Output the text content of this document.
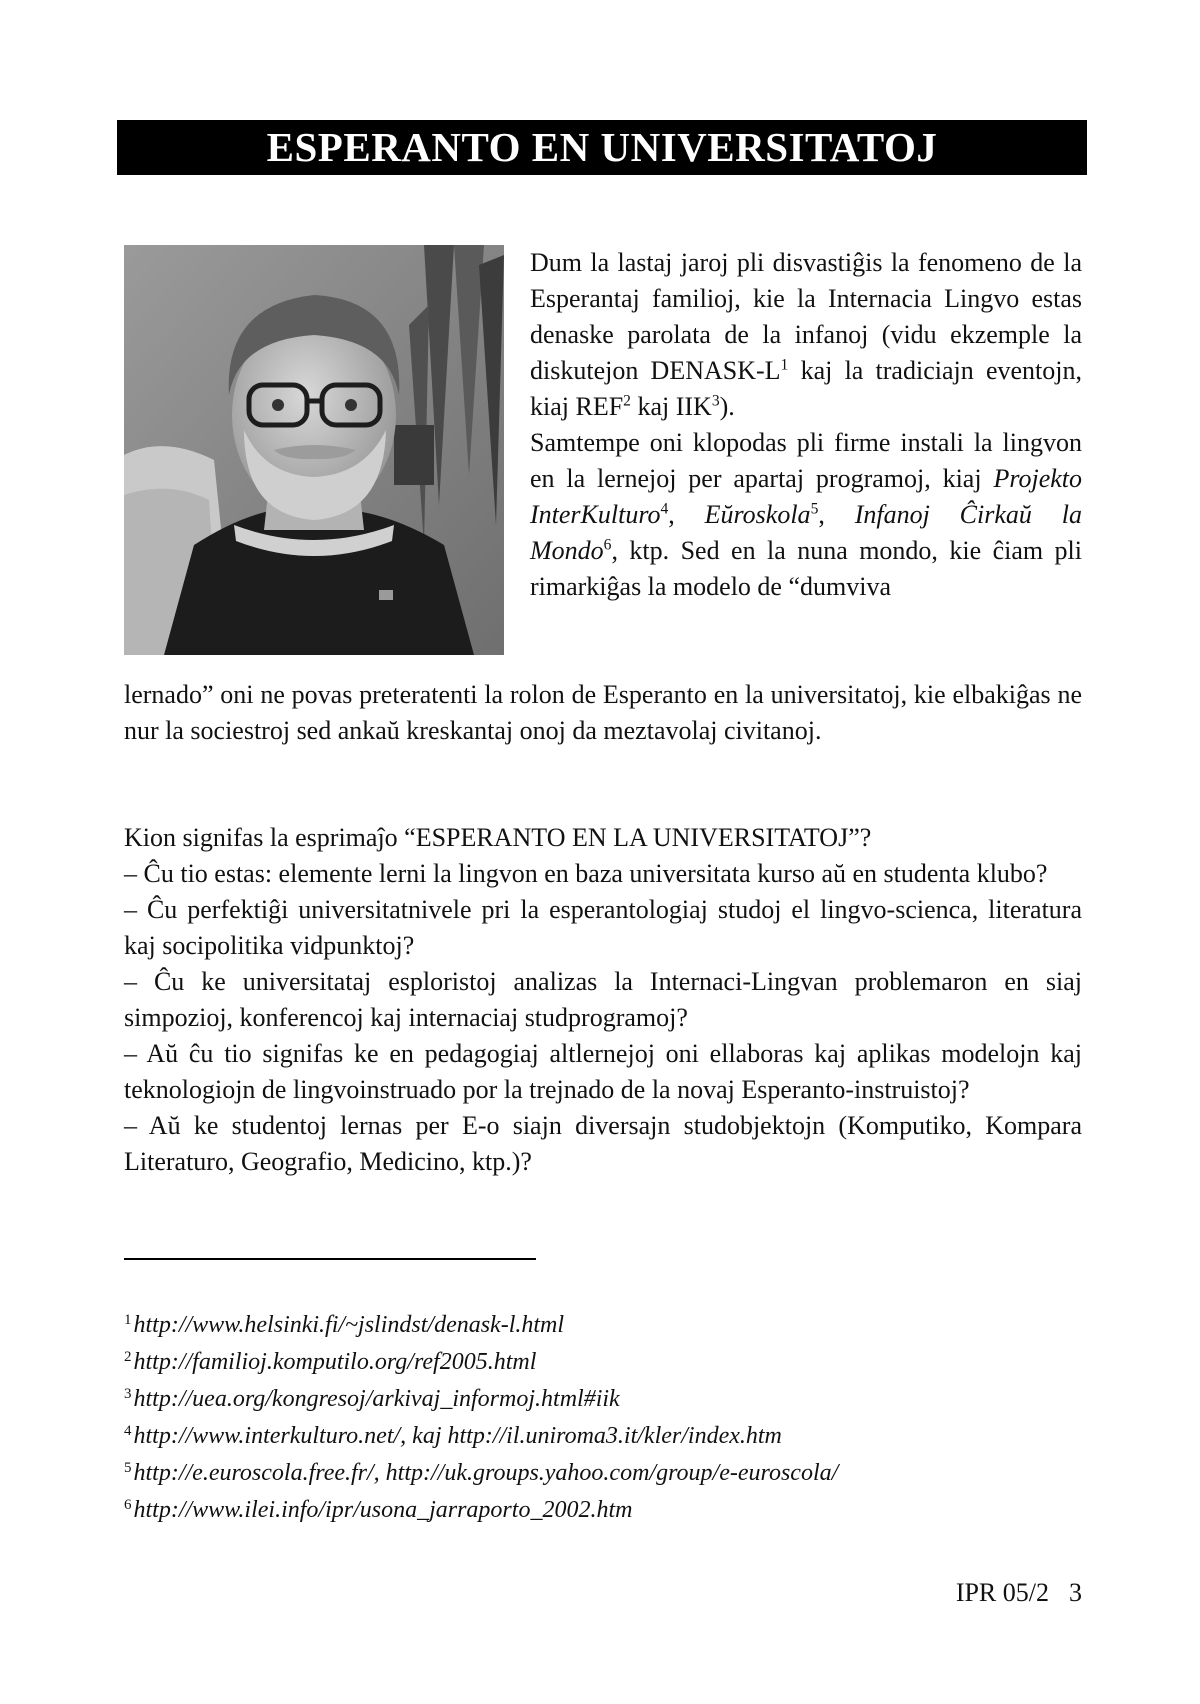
ESPERANTO EN UNIVERSITATOJ
Dum la lastaj jaroj pli disvastiĝis la fenomeno de la Esperantaj familioj, kie la Internacia Lingvo estas denaske parolata de la infanoj (vidu ekzemple la diskutejon DENASK-$L^1$ kaj la tradiciajn eventojn, kiaj REF$^2$ kaj IIK$^3$).
Samtempe oni klopodas pli firme instali la lingvon en la lernejoj per apartaj programoj, kiaj Projekto InterKulturo$^4$, Eŭroskola$^5$, Infanoj Ĉirkaŭ la Mondo$^6$, ktp. Sed en la nuna mondo, kie ĉiam pli rimarkiĝas la modelo de “dumviva
lernado” oni ne povas preteratenti la rolon de Esperanto en la universitatoj, kie elbakiĝas ne nur la sociestroj sed ankaŭ kreskantaj onoj da meztavolaj civitanoj.

Kion signifas la esprimaĵo “ESPERANTO EN LA UNIVERSITATOJ”?

– Ĉu tio estas: elemente lerni la lingvon en baza universitata kurso aŭ en studenta klubo?

– Ĉu perfektiĝi universitatnivele pri la esperantologiaj studoj el lingvo-scienca, literatura kaj socipolitika vidpunktoj?

– Ĉu ke universitataj esploristoj analizas la Internaci-Lingvan problemaron en siaj simpozioj, konferencoj kaj internaciaj studprogramoj?

– Aŭ ĉu tio signifas ke en pedagogiaj altlernejoj oni ellaboras kaj aplikas modelojn kaj teknologiojn de lingvoinstruado por la trejnado de la novaj Esperanto-instruistoj?

– Aŭ ke studentoj lernas per E-o siajn diversajn studobjektojn (Komputiko, Kompara Literaturo, Geografio, Medicino, ktp.)?

$^1$http://www.helsinki.fi/~jslindst/denask-l.html
$^2$http://familioj.komputilo.org/ref2005.html
$^3$http://uea.org/kongresoj/arkivaj_informoj.html#iik
$^4$http://www.interkulturo.net/, kaj http://il.uniroma3.it/kler/index.htm
$^5$http://e.euroscola.free.fr/, http://uk.groups.yahoo.com/group/e-euroscola/
$^6$http://www.ilei.info/ipr/usona_jarraporto_2002.htm
IPR 05/2 3
